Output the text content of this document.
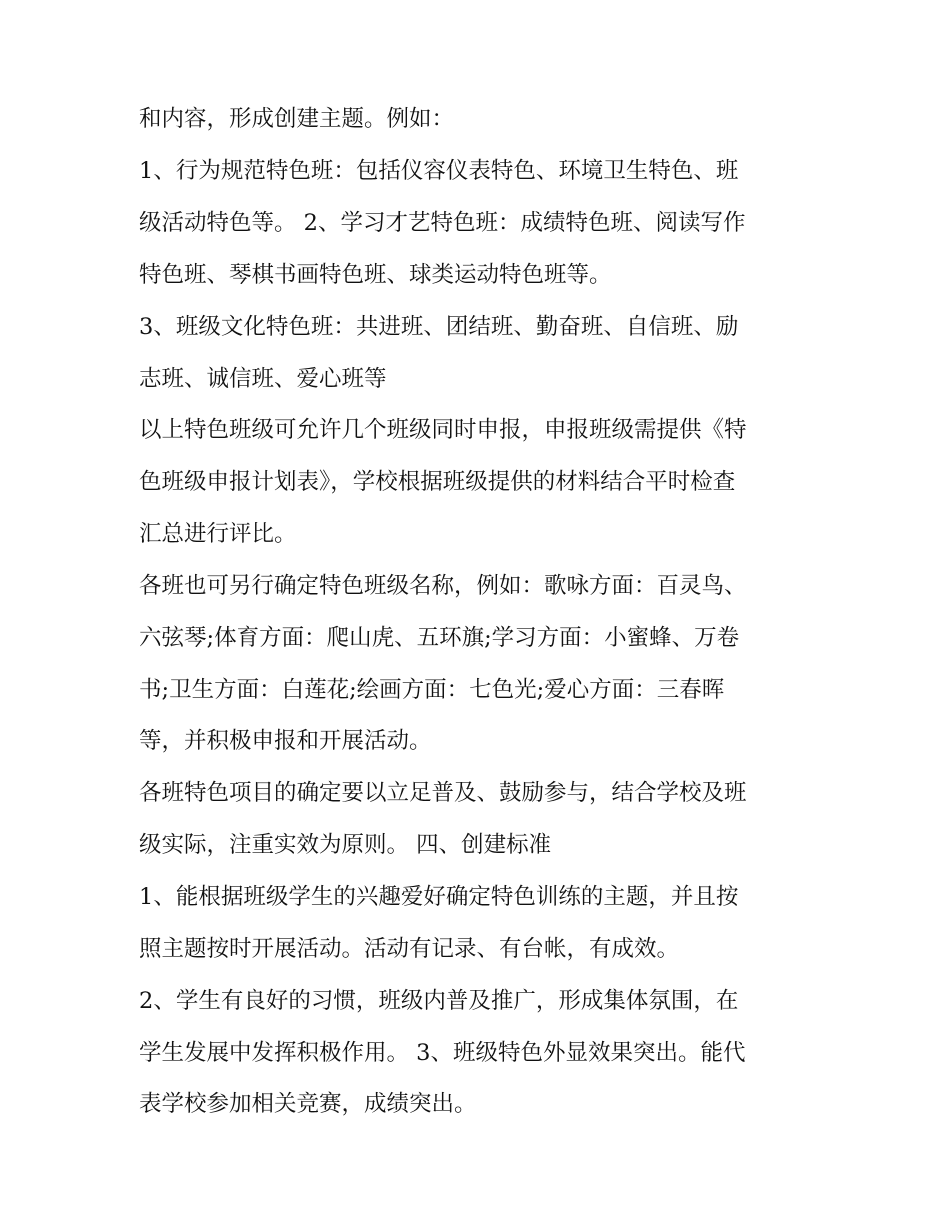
和内容，形成创建主题。例如：
1、行为规范特色班：包括仪容仪表特色、环境卫生特色、班
级活动特色等。 2、学习才艺特色班：成绩特色班、阅读写作
特色班、琴棋书画特色班、球类运动特色班等。
3、班级文化特色班：共进班、团结班、勤奋班、自信班、励
志班、诚信班、爱心班等
以上特色班级可允许几个班级同时申报，申报班级需提供《特
色班级申报计划表》，学校根据班级提供的材料结合平时检查
汇总进行评比。
各班也可另行确定特色班级名称，例如：歌咏方面：百灵鸟、
六弦琴;体育方面：爬山虎、五环旗;学习方面：小蜜蜂、万卷
书;卫生方面：白莲花;绘画方面：七色光;爱心方面：三春晖
等，并积极申报和开展活动。
各班特色项目的确定要以立足普及、鼓励参与，结合学校及班
级实际，注重实效为原则。 四、创建标准
1、能根据班级学生的兴趣爱好确定特色训练的主题，并且按
照主题按时开展活动。活动有记录、有台帐，有成效。
2、学生有良好的习惯，班级内普及推广，形成集体氛围，在
学生发展中发挥积极作用。 3、班级特色外显效果突出。能代
表学校参加相关竞赛，成绩突出。
